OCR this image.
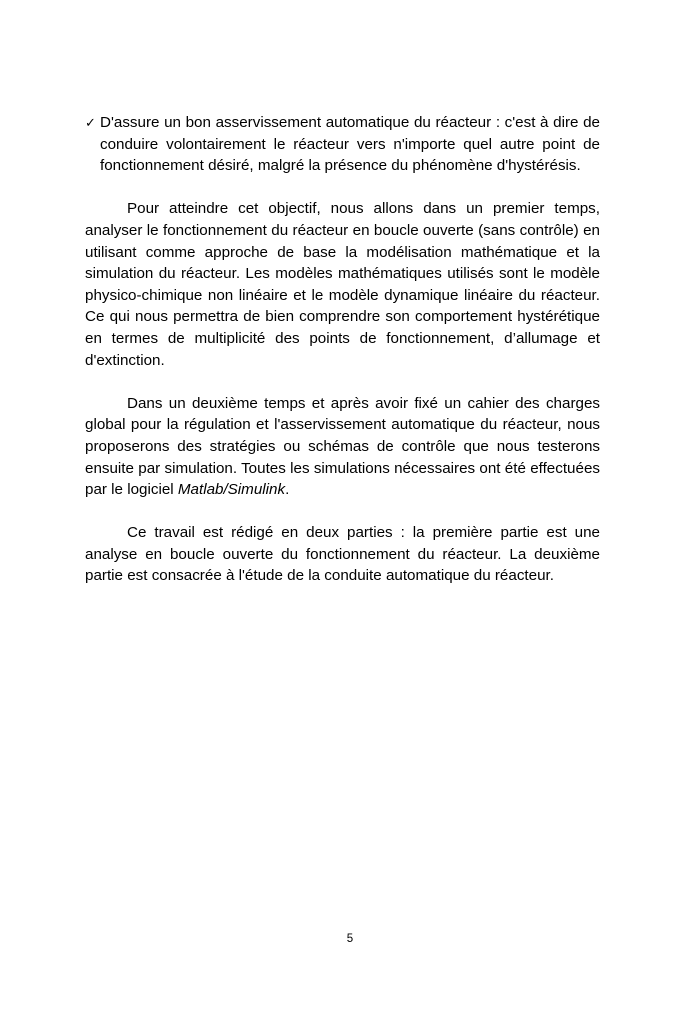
✓ D'assure un bon asservissement automatique du réacteur : c'est à dire de conduire volontairement le réacteur vers n'importe quel autre point de fonctionnement désiré, malgré la présence du phénomène d'hystérésis.

Pour atteindre cet objectif, nous allons dans un premier temps, analyser le fonctionnement du réacteur en boucle ouverte (sans contrôle) en utilisant comme approche de base la modélisation mathématique et la simulation du réacteur. Les modèles mathématiques utilisés sont le modèle physico-chimique non linéaire et le modèle dynamique linéaire du réacteur. Ce qui nous permettra de bien comprendre son comportement hystérétique en termes de multiplicité des points de fonctionnement, d’allumage et d'extinction.

Dans un deuxième temps et après avoir fixé un cahier des charges global pour la régulation et l'asservissement automatique du réacteur, nous proposerons des stratégies ou schémas de contrôle que nous testerons ensuite par simulation. Toutes les simulations nécessaires ont été effectuées par le logiciel Matlab/Simulink.

Ce travail est rédigé en deux parties : la première partie est une analyse en boucle ouverte du fonctionnement du réacteur. La deuxième partie est consacrée à l'étude de la conduite automatique du réacteur.

5
